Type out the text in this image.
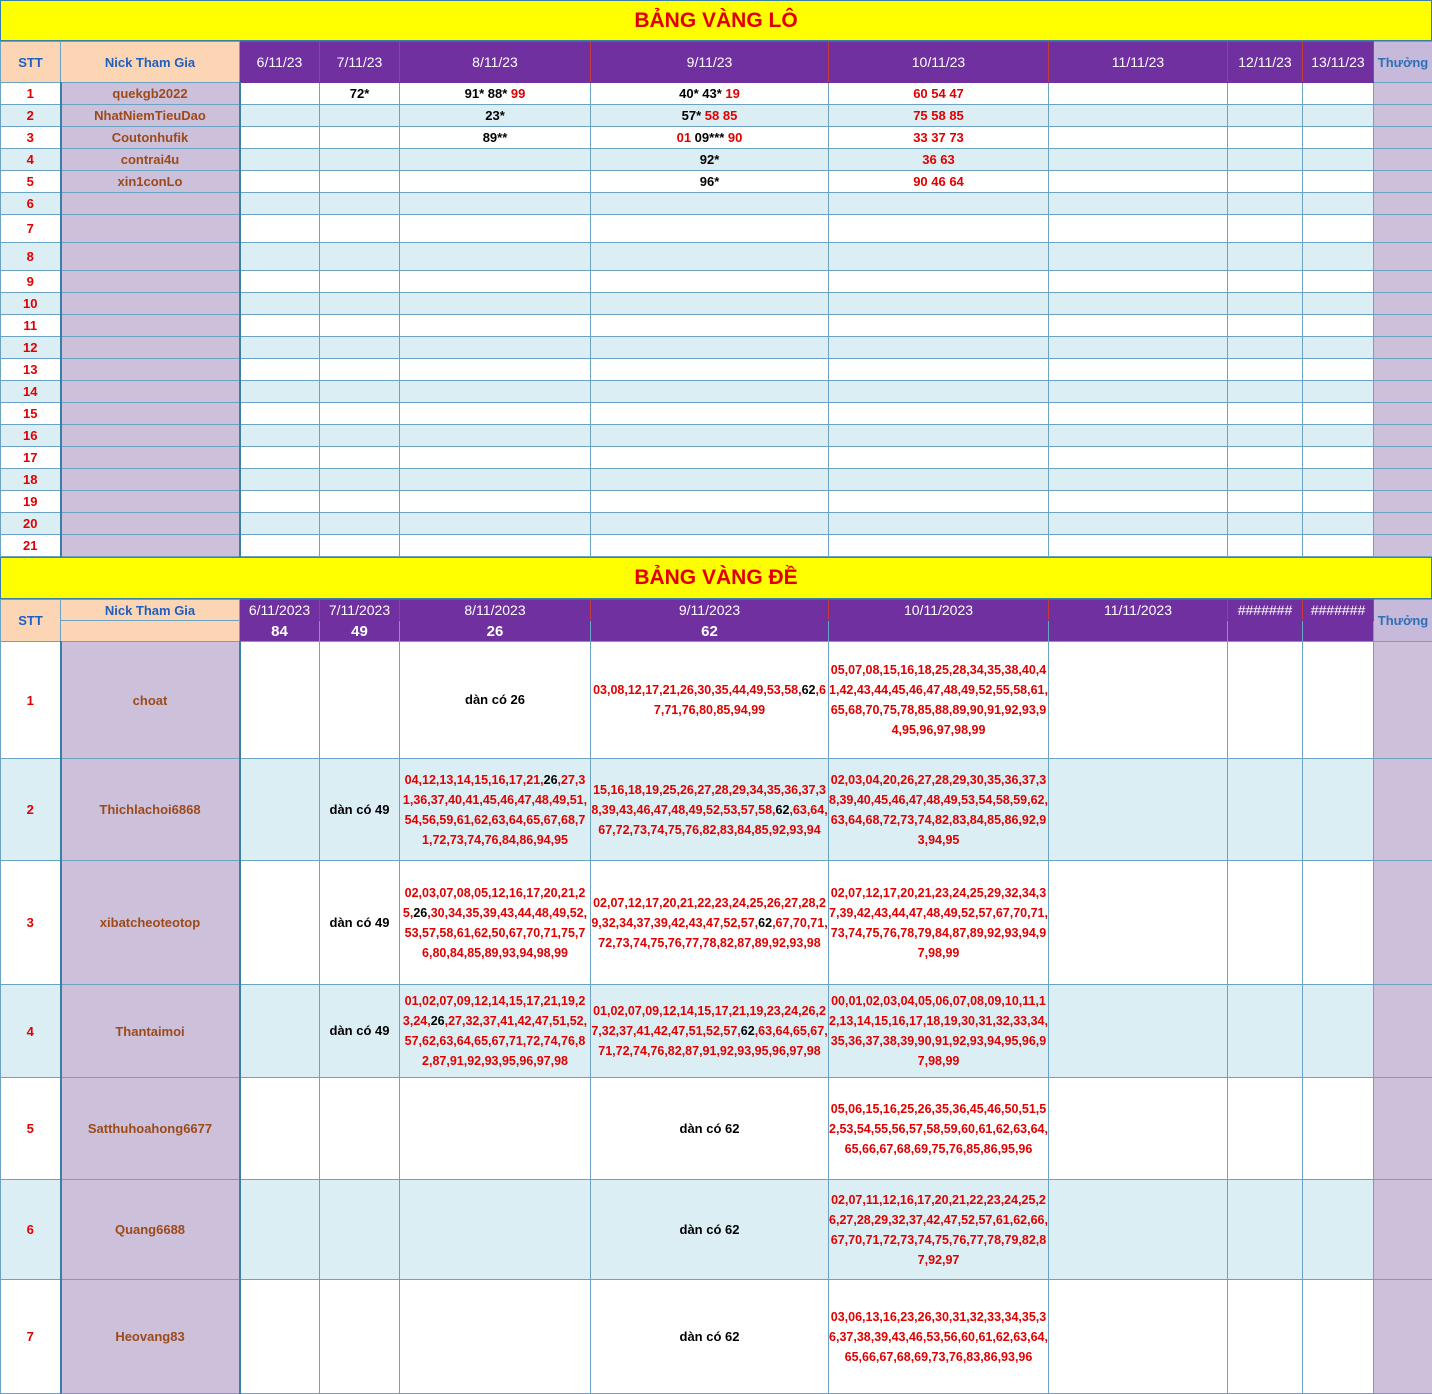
BẢNG VÀNG LÔ
STT	Nick Tham Gia	6/11/23	7/11/23	8/11/23	9/11/23	10/11/23	11/11/23	12/11/23	13/11/23	Thưởng
1	quekgb2022		72*	91* 88* 99	40* 43* 19	60 54 47				
2	NhatNiemTieuDao			23*	57* 58 85	75 58 85				
3	Coutonhufik			89**	01 09*** 90	33 37 73				
4	contrai4u				92*	36 63				
5	xin1conLo				96*	90 46 64				
6										
7										
8										
9										
10										
11										
12										
13										
14										
15										
16										
17										
18										
19										
20										
21										
BẢNG VÀNG ĐỀ
STT	Nick Tham Gia	6/11/2023	7/11/2023	8/11/2023	9/11/2023	10/11/2023	11/11/2023	#######	#######	Thưởng
		84	49	26	62					
1	choat			dàn có 26	03,08,12,17,21,26,30,35,44,49,53,58,62,67,71,76,80,85,94,99	05,07,08,15,16,18,25,28,34,35,38,40,41,42,43,44,45,46,47,48,49,52,55,58,61,65,68,70,75,78,85,88,89,90,91,92,93,94,95,96,97,98,99				
2	Thichlachoi6868		dàn có 49	04,12,13,14,15,16,17,21,26,27,31,36,37,40,41,45,46,47,48,49,51,54,56,59,61,62,63,64,65,67,68,71,72,73,74,76,84,86,94,95	15,16,18,19,25,26,27,28,29,34,35,36,37,38,39,43,46,47,48,49,52,53,57,58,62,63,64,67,72,73,74,75,76,82,83,84,85,92,93,94	02,03,04,20,26,27,28,29,30,35,36,37,38,39,40,45,46,47,48,49,53,54,58,59,62,63,64,68,72,73,74,82,83,84,85,86,92,93,94,95				
3	xibatcheoteotop		dàn có 49	02,03,07,08,05,12,16,17,20,21,25,26,30,34,35,39,43,44,48,49,52,53,57,58,61,62,50,67,70,71,75,76,80,84,85,89,93,94,98,99	02,07,12,17,20,21,22,23,24,25,26,27,28,29,32,34,37,39,42,43,47,52,57,62,67,70,71,72,73,74,75,76,77,78,82,87,89,92,93,98	02,07,12,17,20,21,23,24,25,29,32,34,37,39,42,43,44,47,48,49,52,57,67,70,71,73,74,75,76,78,79,84,87,89,92,93,94,97,98,99				
4	Thantaimoi		dàn có 49	01,02,07,09,12,14,15,17,21,19,23,24,26,27,32,37,41,42,47,51,52,57,62,63,64,65,67,71,72,74,76,82,87,91,92,93,95,96,97,98	01,02,07,09,12,14,15,17,21,19,23,24,26,27,32,37,41,42,47,51,52,57,62,63,64,65,67,71,72,74,76,82,87,91,92,93,95,96,97,98	00,01,02,03,04,05,06,07,08,09,10,11,12,13,14,15,16,17,18,19,30,31,32,33,34,35,36,37,38,39,90,91,92,93,94,95,96,97,98,99				
5	Satthuhoahong6677				dàn có 62	05,06,15,16,25,26,35,36,45,46,50,51,52,53,54,55,56,57,58,59,60,61,62,63,64,65,66,67,68,69,75,76,85,86,95,96				
6	Quang6688				dàn có 62	02,07,11,12,16,17,20,21,22,23,24,25,26,27,28,29,32,37,42,47,52,57,61,62,66,67,70,71,72,73,74,75,76,77,78,79,82,87,92,97				
7	Heovang83				dàn có 62	03,06,13,16,23,26,30,31,32,33,34,35,36,37,38,39,43,46,53,56,60,61,62,63,64,65,66,67,68,69,73,76,83,86,93,96				
